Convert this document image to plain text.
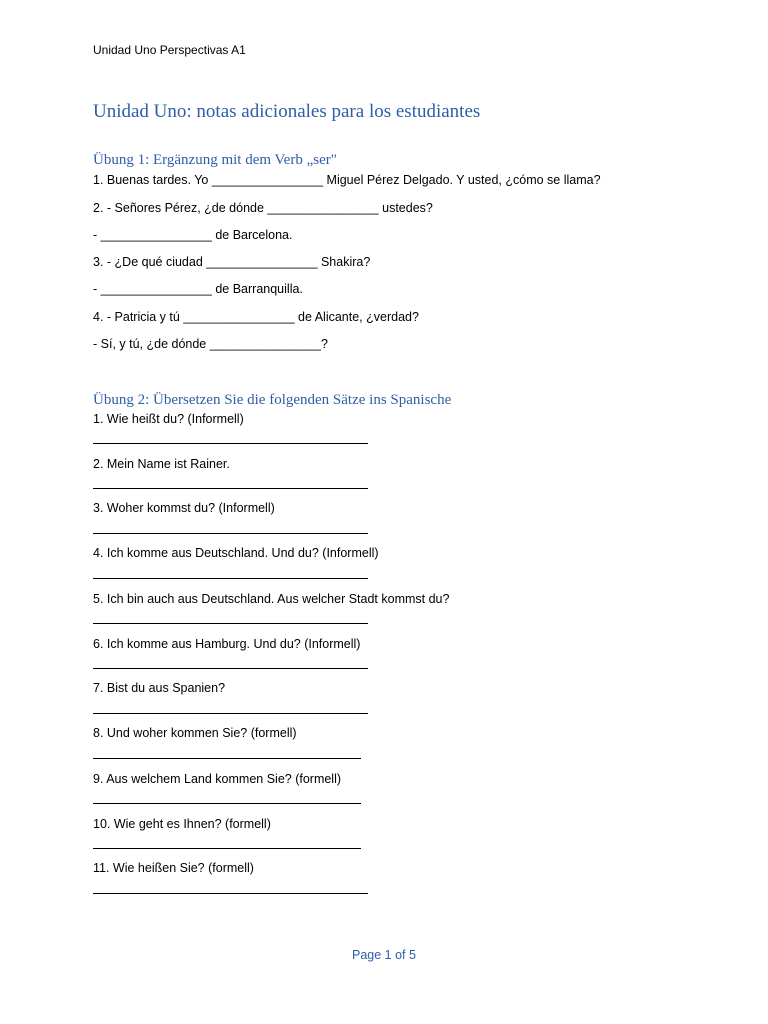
Unidad Uno Perspectivas A1
Unidad Uno: notas adicionales para los estudiantes
Übung 1: Ergänzung mit dem Verb „ser"
1. Buenas tardes. Yo ________________ Miguel Pérez Delgado. Y usted, ¿cómo se llama?
2. - Señores Pérez, ¿de dónde ________________ ustedes?
- ________________ de Barcelona.
3. - ¿De qué ciudad ________________ Shakira?
- ________________ de Barranquilla.
4. - Patricia y tú ________________ de Alicante, ¿verdad?
- Sí, y tú, ¿de dónde ________________?
Übung 2: Übersetzen Sie die folgenden Sätze ins Spanische
1. Wie heißt du? (Informell)
2. Mein Name ist Rainer.
3. Woher kommst du? (Informell)
4. Ich komme aus Deutschland. Und du? (Informell)
5. Ich bin auch aus Deutschland. Aus welcher Stadt kommst du?
6. Ich komme aus Hamburg. Und du? (Informell)
7. Bist du aus Spanien?
8. Und woher kommen Sie? (formell)
9. Aus welchem Land kommen Sie? (formell)
10. Wie geht es Ihnen? (formell)
11. Wie heißen Sie? (formell)
Page 1 of 5
